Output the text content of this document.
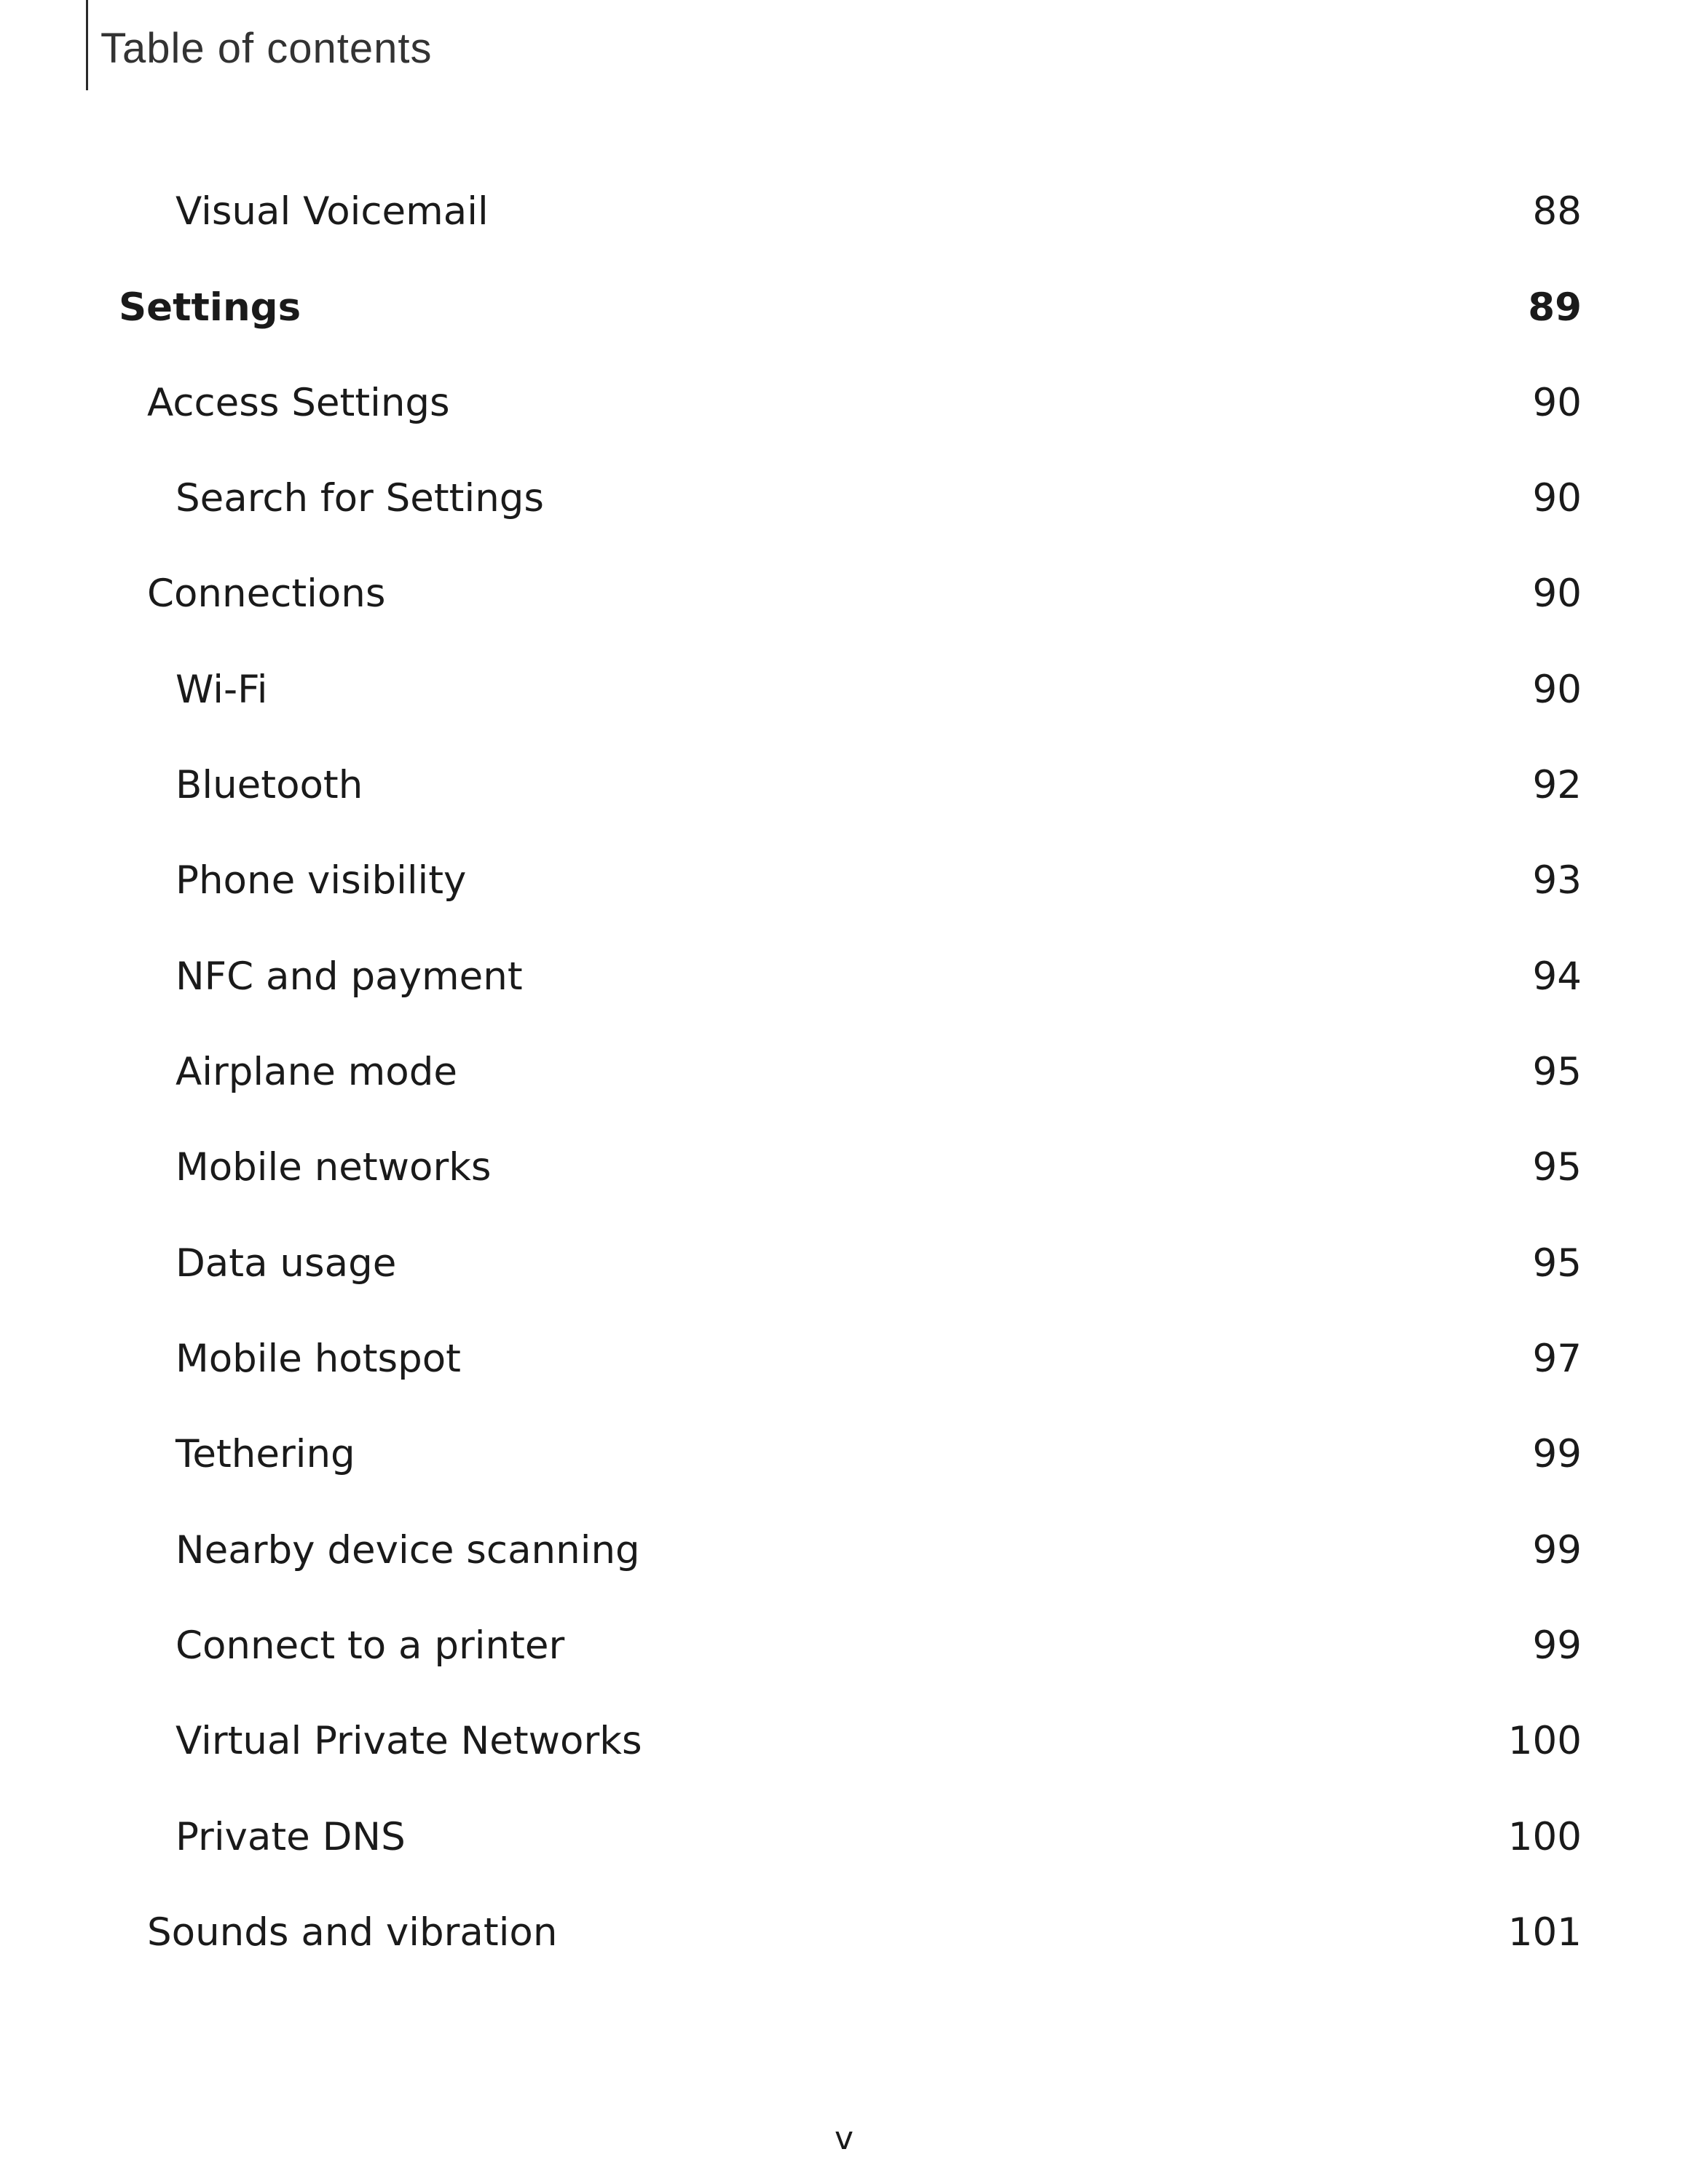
Table of contents
Visual Voicemail	88
Settings	89
Access Settings	90
Search for Settings	90
Connections	90
Wi-Fi	90
Bluetooth	92
Phone visibility	93
NFC and payment	94
Airplane mode	95
Mobile networks	95
Data usage	95
Mobile hotspot	97
Tethering	99
Nearby device scanning	99
Connect to a printer	99
Virtual Private Networks	100
Private DNS	100
Sounds and vibration	101
v
